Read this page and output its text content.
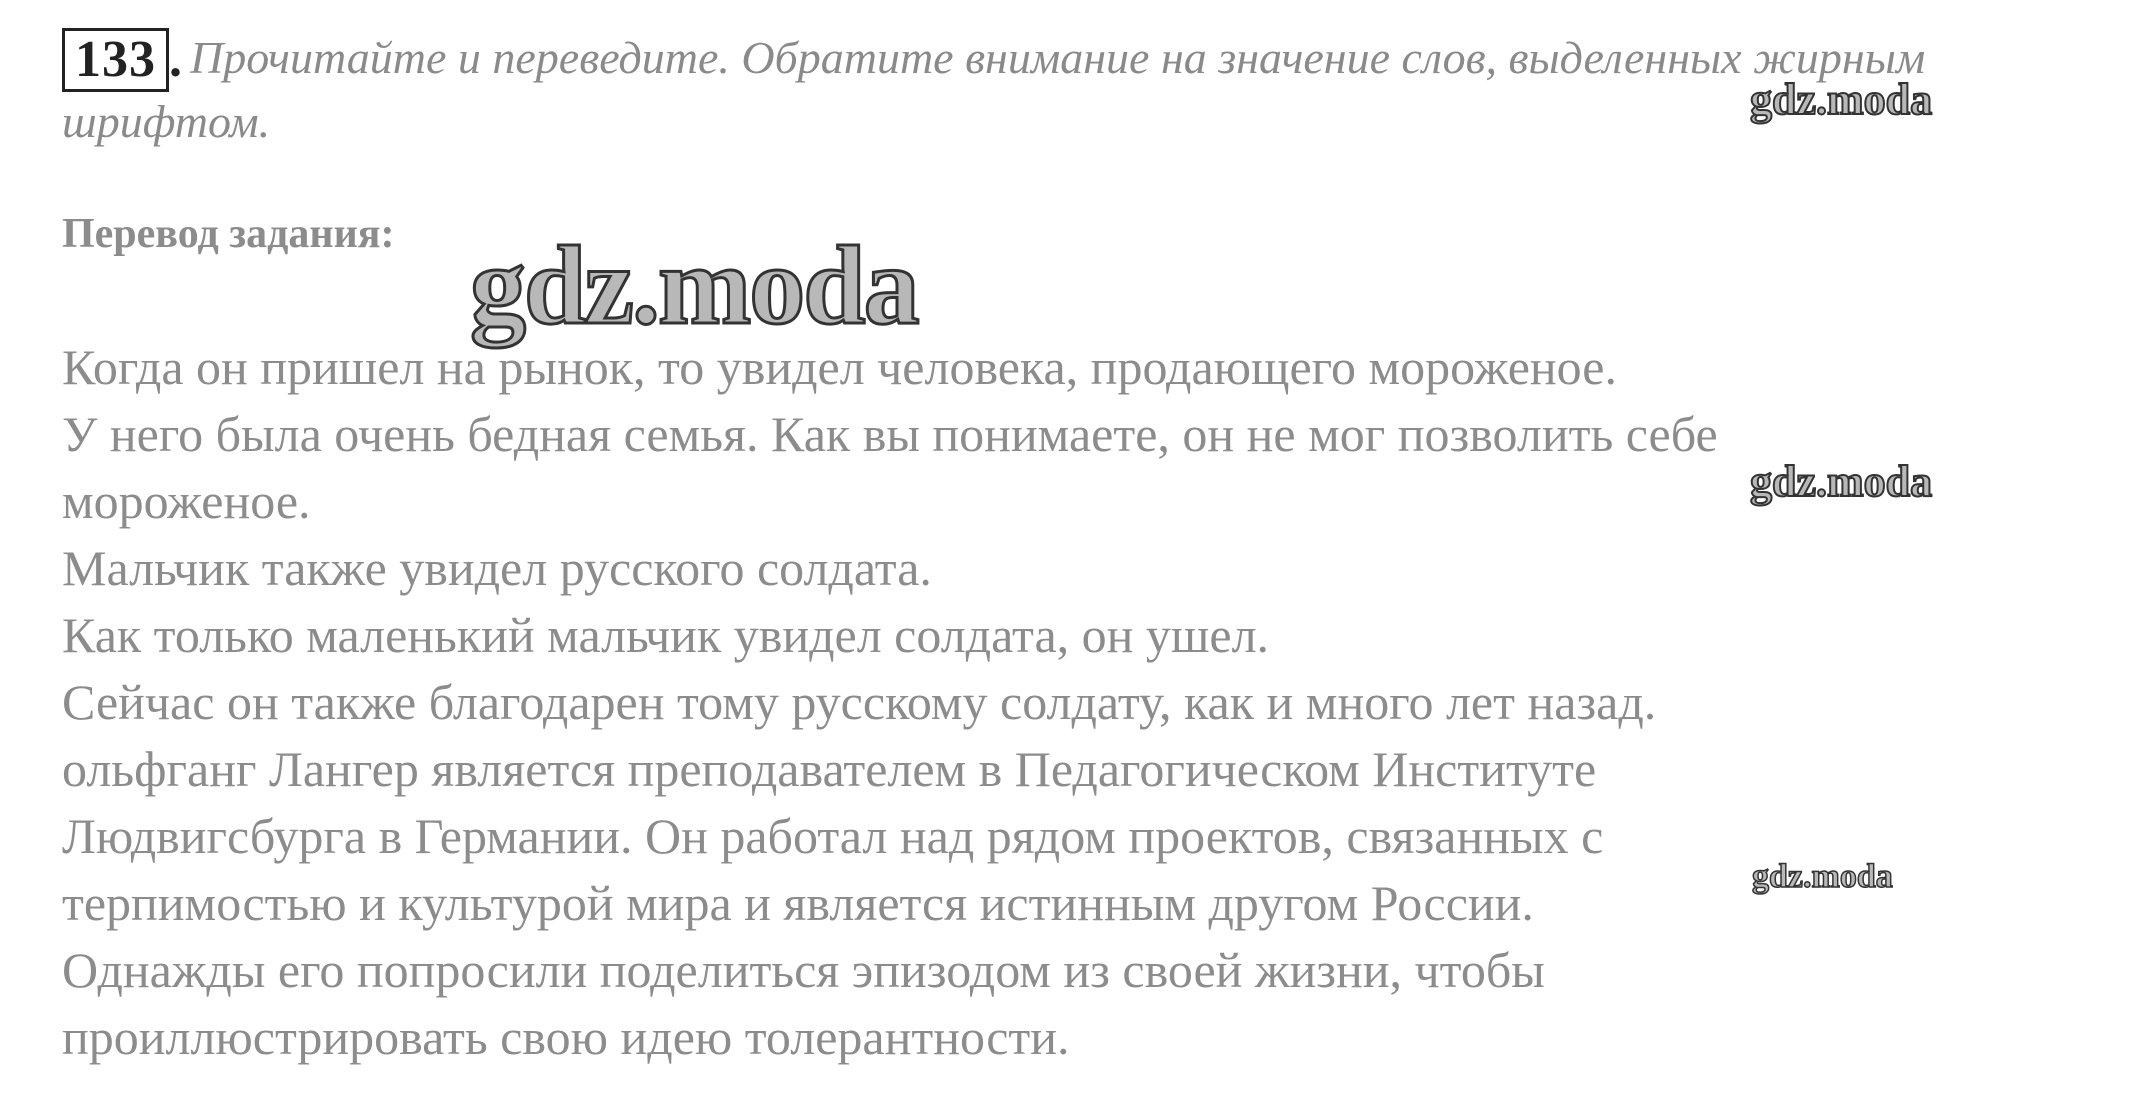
133 . Прочитайте и переведите. Обратите внимание на значение слов, выделенных жирным шрифтом.
Перевод задания:
Когда он пришел на рынок, то увидел человека, продающего мороженое.
У него была очень бедная семья. Как вы понимаете, он не мог позволить себе
мороженое.
Мальчик также увидел русского солдата.
Как только маленький мальчик увидел солдата, он ушел.
Сейчас он также благодарен тому русскому солдату, как и много лет назад.
ольфганг Лангер является преподавателем в Педагогическом Институте
Людвигсбурга в Германии. Он работал над рядом проектов, связанных с
терпимостью и культурой мира и является истинным другом России.
Однажды его попросили поделиться эпизодом из своей жизни, чтобы
проиллюстрировать свою идею толерантности.
gdz.moda
gdz.moda
gdz.moda
gdz.moda
